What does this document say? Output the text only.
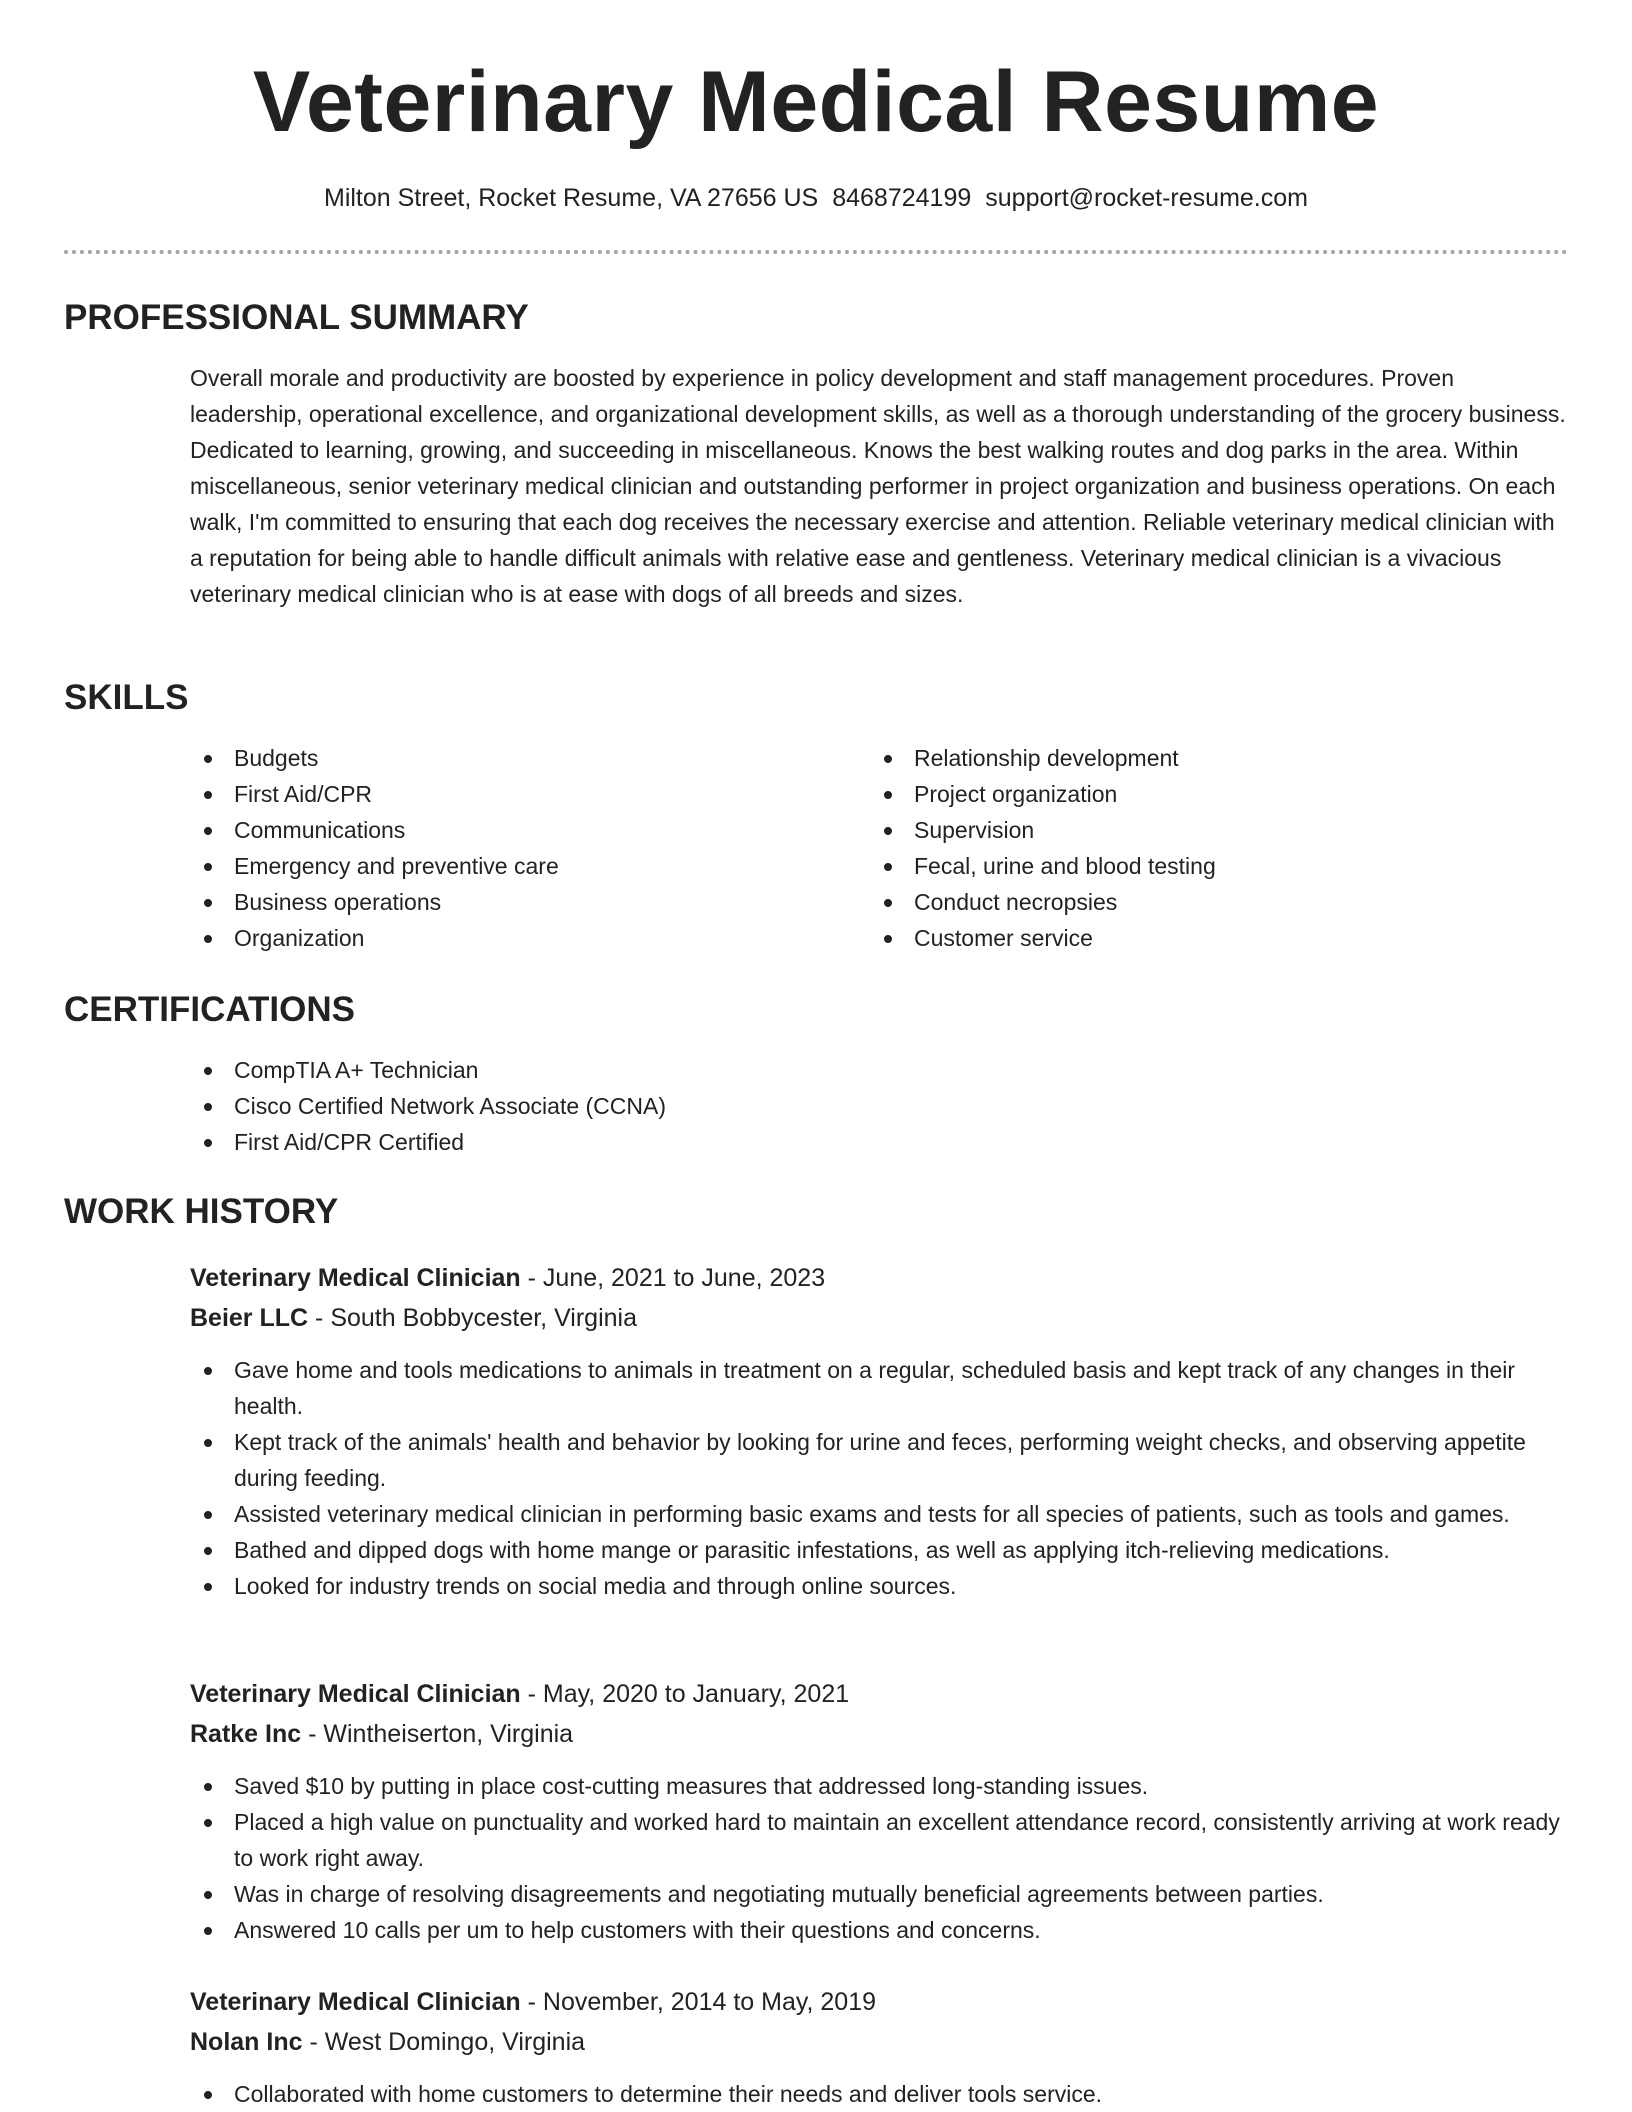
Veterinary Medical Resume
Milton Street, Rocket Resume, VA 27656 US 8468724199 support@rocket-resume.com
PROFESSIONAL SUMMARY
Overall morale and productivity are boosted by experience in policy development and staff management procedures. Proven leadership, operational excellence, and organizational development skills, as well as a thorough understanding of the grocery business. Dedicated to learning, growing, and succeeding in miscellaneous. Knows the best walking routes and dog parks in the area. Within miscellaneous, senior veterinary medical clinician and outstanding performer in project organization and business operations. On each walk, I'm committed to ensuring that each dog receives the necessary exercise and attention. Reliable veterinary medical clinician with a reputation for being able to handle difficult animals with relative ease and gentleness. Veterinary medical clinician is a vivacious veterinary medical clinician who is at ease with dogs of all breeds and sizes.
SKILLS
Budgets
First Aid/CPR
Communications
Emergency and preventive care
Business operations
Organization
Relationship development
Project organization
Supervision
Fecal, urine and blood testing
Conduct necropsies
Customer service
CERTIFICATIONS
CompTIA A+ Technician
Cisco Certified Network Associate (CCNA)
First Aid/CPR Certified
WORK HISTORY
Veterinary Medical Clinician - June, 2021 to June, 2023
Beier LLC - South Bobbycester, Virginia
Gave home and tools medications to animals in treatment on a regular, scheduled basis and kept track of any changes in their health.
Kept track of the animals' health and behavior by looking for urine and feces, performing weight checks, and observing appetite during feeding.
Assisted veterinary medical clinician in performing basic exams and tests for all species of patients, such as tools and games.
Bathed and dipped dogs with home mange or parasitic infestations, as well as applying itch-relieving medications.
Looked for industry trends on social media and through online sources.
Veterinary Medical Clinician - May, 2020 to January, 2021
Ratke Inc - Wintheiserton, Virginia
Saved $10 by putting in place cost-cutting measures that addressed long-standing issues.
Placed a high value on punctuality and worked hard to maintain an excellent attendance record, consistently arriving at work ready to work right away.
Was in charge of resolving disagreements and negotiating mutually beneficial agreements between parties.
Answered 10 calls per um to help customers with their questions and concerns.
Veterinary Medical Clinician - November, 2014 to May, 2019
Nolan Inc - West Domingo, Virginia
Collaborated with home customers to determine their needs and deliver tools service.
